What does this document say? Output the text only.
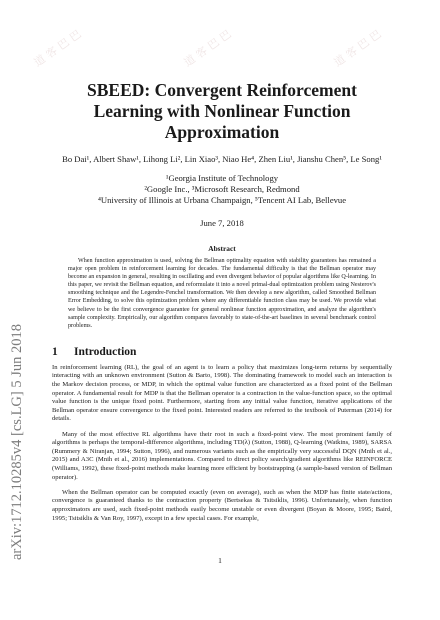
arXiv:1712.10285v4 [cs.LG] 5 Jun 2018
SBEED: Convergent Reinforcement Learning with Nonlinear Function Approximation
Bo Dai¹, Albert Shaw¹, Lihong Li², Lin Xiao³, Niao He⁴, Zhen Liu¹, Jianshu Chen⁵, Le Song¹
¹Georgia Institute of Technology
²Google Inc., ³Microsoft Research, Redmond
⁴University of Illinois at Urbana Champaign, ⁵Tencent AI Lab, Bellevue
June 7, 2018
Abstract

When function approximation is used, solving the Bellman optimality equation with stability guarantees has remained a major open problem in reinforcement learning for decades. The fundamental difficulty is that the Bellman operator may become an expansion in general, resulting in oscillating and even divergent behavior of popular algorithms like Q-learning. In this paper, we revisit the Bellman equation, and reformulate it into a novel primal-dual optimization problem using Nesterov's smoothing technique and the Legendre-Fenchel transformation. We then develop a new algorithm, called Smoothed Bellman Error Embedding, to solve this optimization problem where any differentiable function class may be used. We provide what we believe to be the first convergence guarantee for general nonlinear function approximation, and analyze the algorithm's sample complexity. Empirically, our algorithm compares favorably to state-of-the-art baselines in several benchmark control problems.

1 Introduction

In reinforcement learning (RL), the goal of an agent is to learn a policy that maximizes long-term returns by sequentially interacting with an unknown environment (Sutton & Barto, 1998). The dominating framework to model such an interaction is the Markov decision process, or MDP, in which the optimal value function are characterized as a fixed point of the Bellman operator. A fundamental result for MDP is that the Bellman operator is a contraction in the value-function space, so the optimal value function is the unique fixed point. Furthermore, starting from any initial value function, iterative applications of the Bellman operator ensure convergence to the fixed point. Interested readers are referred to the textbook of Puterman (2014) for details.

Many of the most effective RL algorithms have their root in such a fixed-point view. The most prominent family of algorithms is perhaps the temporal-difference algorithms, including TD(λ) (Sutton, 1988), Q-learning (Watkins, 1989), SARSA (Rummery & Niranjan, 1994; Sutton, 1996), and numerous variants such as the empirically very successful DQN (Mnih et al., 2015) and A3C (Mnih et al., 2016) implementations. Compared to direct policy search/gradient algorithms like REINFORCE (Williams, 1992), these fixed-point methods make learning more efficient by bootstrapping (a sample-based version of Bellman operator).

When the Bellman operator can be computed exactly (even on average), such as when the MDP has finite state/actions, convergence is guaranteed thanks to the contraction property (Bertsekas & Tsitsiklis, 1996). Unfortunately, when function approximators are used, such fixed-point methods easily become unstable or even divergent (Boyan & Moore, 1995; Baird, 1995; Tsitsiklis & Van Roy, 1997), except in a few special cases. For example,

1
道 客 巴 巴	道 客 巴 巴	道 客 巴 巴
